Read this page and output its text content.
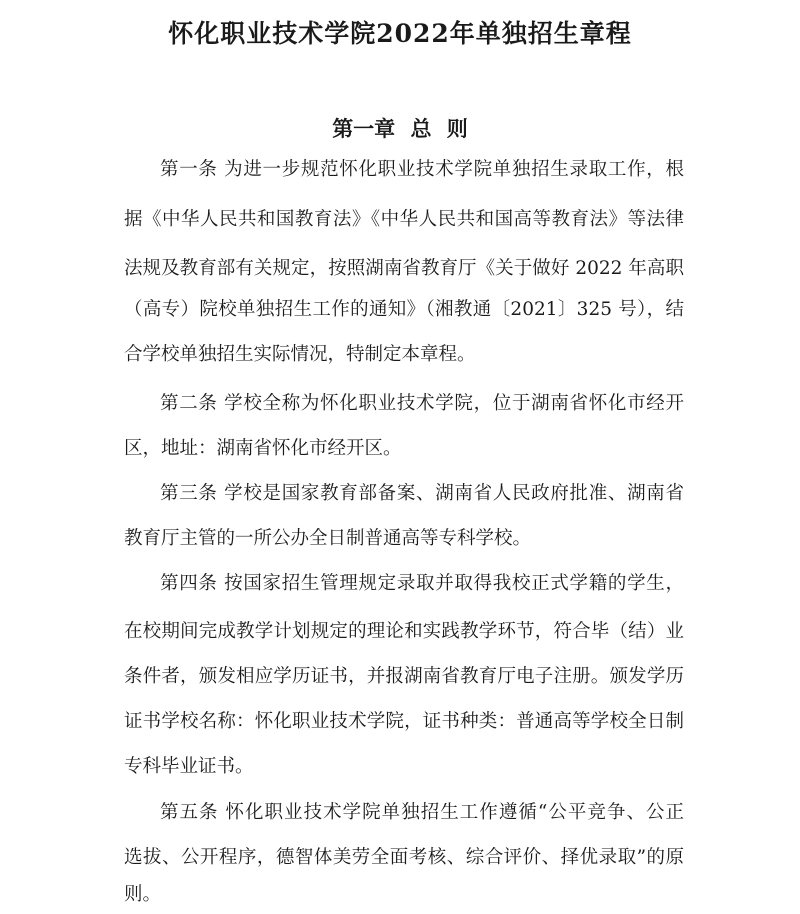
怀化职业技术学院2022年单独招生章程
第一章 总 则
第一条 为进一步规范怀化职业技术学院单独招生录取工作，根
据《中华人民共和国教育法》《中华人民共和国高等教育法》等法律
法规及教育部有关规定，按照湖南省教育厅《关于做好 2022 年高职
（高专）院校单独招生工作的通知》（湘教通〔2021〕325 号），结
合学校单独招生实际情况，特制定本章程。
第二条 学校全称为怀化职业技术学院，位于湖南省怀化市经开
区，地址：湖南省怀化市经开区。
第三条 学校是国家教育部备案、湖南省人民政府批准、湖南省
教育厅主管的一所公办全日制普通高等专科学校。
第四条 按国家招生管理规定录取并取得我校正式学籍的学生，
在校期间完成教学计划规定的理论和实践教学环节，符合毕（结）业
条件者，颁发相应学历证书，并报湖南省教育厅电子注册。颁发学历
证书学校名称：怀化职业技术学院，证书种类：普通高等学校全日制
专科毕业证书。
第五条 怀化职业技术学院单独招生工作遵循“公平竞争、公正
选拔、公开程序，德智体美劳全面考核、综合评价、择优录取”的原
则。
